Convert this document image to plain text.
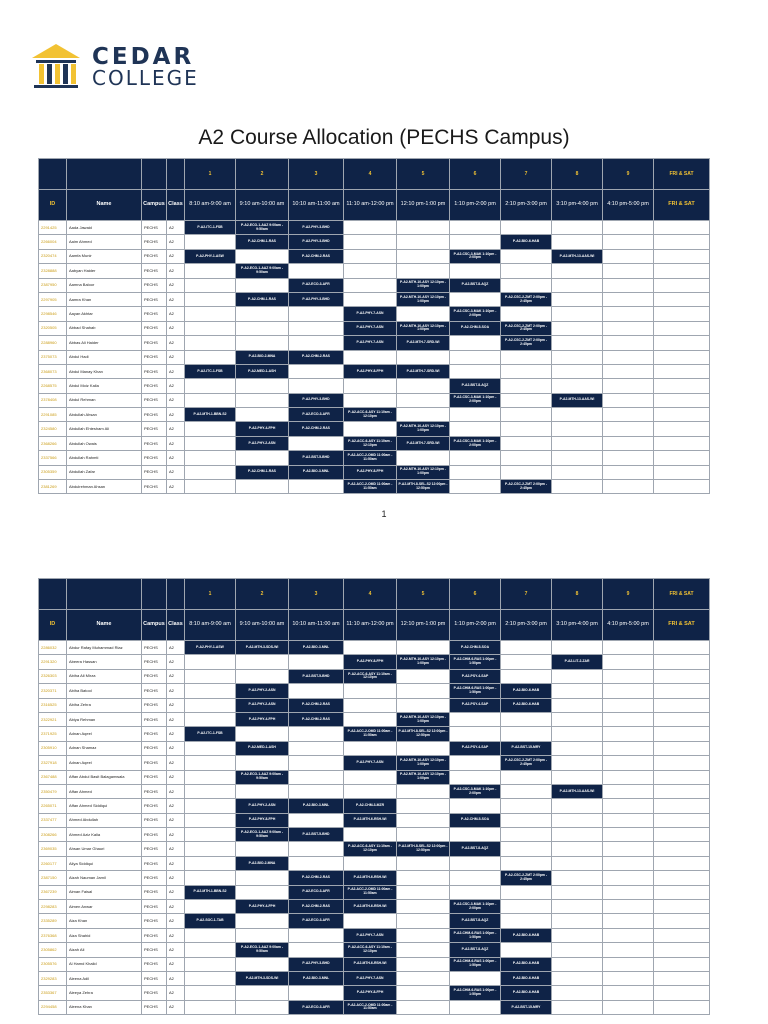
CEDAR
COLLEGE
A2 Course Allocation (PECHS Campus)
				1	2	3	4	5	6	7	8	9	FRI & SAT
ID	Name	Campus	Class	8:10 am-9:00 am	9:10 am-10:00 am	10:10 am-11:00 am	11:10 am-12:00 pm	12:10 pm-1:00 pm	1:10 pm-2:00 pm	2:10 pm-3:00 pm	3:10 pm-4:00 pm	4:10 pm-5:00 pm	FRI & SAT
2291425	Aada Jawaid	PECHS	A2	P-A2-ITC-1-FSB	P-A2-ECO-1-AAZ 9:00am - 9:50am	P-A2-PHY-3-BHD							
2266004	Aaim Ahmed	PECHS	A2		P-A2-CHM-1-RAS	P-A2-PHY-3-BHD				P-A2-BIO-6-HAB			
2320474	Aamfa Munir	PECHS	A2	P-A2-PHY-1-ASW		P-A2-CHM-2-RAS			P-A2-CSC-3-MAK 1:10pm - 2:00pm		P-A2-MTH-13-AAS-WI		
2328888	Aabyan Haider	PECHS	A2		P-A2-ECO-1-AAZ 9:00am - 9:50am								
2387950	Aamna Baloor	PECHS	A2			P-A2-ECO-3-AFR		P-A2-MTH-10-ASY 12:10pm - 1:00pm	P-A2-BST-8-AQZ				
2297905	Aamra Khan	PECHS	A2		P-A2-CHM-1-RAS	P-A2-PHY-3-BHD		P-A2-MTH-10-ASY 12:10pm - 1:00pm		P-A2-CSC-2-ZMT 2:00pm - 2:45pm			
2298546	Aayan Akhtar	PECHS	A2				P-A2-PHY-7-ASN		P-A2-CSC-3-MAK 1:10pm - 2:00pm				
2320505	Abbad Shahab	PECHS	A2				P-A2-PHY-7-ASN	P-A2-MTH-10-ASY 12:10pm - 1:00pm	P-A2-CHM-5-SOA	P-A2-CSC-2-ZMT 2:00pm - 2:45pm			
2288960	Abbas Ali Haider	PECHS	A2				P-A2-PHY-7-ASN	P-A2-MTH-7-SRD-WI		P-A2-CSC-2-ZMT 2:00pm - 2:45pm			
2375073	Abdul Hadi	PECHS	A2		P-A2-BIO-2-MNA	P-A2-CHM-2-RAS							
2368073	Abdul Manay Khan	PECHS	A2	P-A2-ITC-1-FSB	P-A2-MED-1-ASH		P-A2-PHY-8-FPH	P-A2-MTH-7-SRD-WI					
2268575	Abdul Moiz Kalia	PECHS	A2						P-A2-BST-8-AQZ				
2378408	Abdul Rehman	PECHS	A2			P-A2-PHY-3-BHD			P-A2-CSC-3-MAK 1:10pm - 2:00pm		P-A2-MTH-13-AAS-WI		
2291085	Abdullah Ahsan	PECHS	A2	P-A2-MTH-1-BBN-S2		P-A2-ECO-3-AFR	P-A2-ACC-6-ASY 11:10am - 12:10pm						
2324580	Abdullah Ehtesham Ali	PECHS	A2		P-A2-PHY-4-FPH	P-A2-CHM-2-RAS		P-A2-MTH-10-ASY 12:10pm - 1:00pm					
2368266	Abdullah Owais	PECHS	A2		P-A2-PHY-2-ASN		P-A2-ACC-6-ASY 11:10am - 12:10pm	P-A2-MTH-7-SRD-WI	P-A2-CSC-3-MAK 1:10pm - 2:00pm				
2337566	Abdullah Rahmti	PECHS	A2			P-A2-BST-5-BHD	P-A2-ACC-2-OMD 11:00am - 11:50am						
2305359	Abdullah Zafar	PECHS	A2		P-A2-CHM-1-RAS	P-A2-BIO-3-MNL	P-A2-PHY-8-FPH	P-A2-MTH-10-ASY 12:10pm - 1:00pm					
2381269	Abdulrehman Ahsan	PECHS	A2				P-A2-ACC-2-OMD 11:00am - 11:50am	P-A2-MTH-8-SEL-S2 12:00pm - 12:50pm		P-A2-CSC-2-ZMT 2:00pm - 2:45pm			
				1	2	3	4	5	6	7	8	9	FRI & SAT
ID	Name	Campus	Class	8:10 am-9:00 am	9:10 am-10:00 am	10:10 am-11:00 am	11:10 am-12:00 pm	12:10 pm-1:00 pm	1:10 pm-2:00 pm	2:10 pm-3:00 pm	3:10 pm-4:00 pm	4:10 pm-5:00 pm	FRI & SAT
2286032	Abdur Rafay Muhammad Riaz	PECHS	A2	P-A2-PHY-1-ASW	P-A2-MTH-3-SDS-WI	P-A2-BIO-3-MNL			P-A2-CHM-5-SOA				
2291320	Abeera Hassan	PECHS	A2				P-A2-PHY-8-FPH	P-A2-MTH-10-ASY 12:10pm - 1:00pm	P-A2-CHM-6-RAS 1:00pm - 1:50pm		P-A2-LIT-2-ZAR		
2326303	Abiha Ali Mirza	PECHS	A2			P-A2-BST-5-BHD	P-A2-ACC-6-ASY 11:10am - 12:10pm		P-A2-PSY-4-SAP				
2320371	Abiha Batool	PECHS	A2		P-A2-PHY-2-ASN				P-A2-CHM-6-RAS 1:00pm - 1:50pm	P-A2-BIO-6-HAB			
2316525	Abiha Zehra	PECHS	A2		P-A2-PHY-2-ASN	P-A2-CHM-2-RAS			P-A2-PSY-4-SAP	P-A2-BIO-6-HAB			
2322921	Abiya Rehman	PECHS	A2		P-A2-PHY-4-FPH	P-A2-CHM-2-RAS		P-A2-MTH-10-ASY 12:10pm - 1:00pm					
2371925	Adnan Aqeel	PECHS	A2	P-A2-ITC-1-FSB			P-A2-ACC-2-OMD 11:00am - 11:50am	P-A2-MTH-8-SEL-S2 12:00pm - 12:50pm					
2305910	Adnan Shamaz	PECHS	A2		P-A2-MED-1-ASH				P-A2-PSY-4-SAP	P-A2-BST-15-MRY			
2327918	Adnan Aqeel	PECHS	A2				P-A2-PHY-7-ASN	P-A2-MTH-10-ASY 12:10pm - 1:00pm		P-A2-CSC-2-ZMT 2:00pm - 2:45pm			
2367488	Affan Abdul Basit Balagamwala	PECHS	A2		P-A2-ECO-1-AAZ 9:00am - 9:50am			P-A2-MTH-10-ASY 12:10pm - 1:00pm					
2350479	Affan Ahmed	PECHS	A2						P-A2-CSC-3-MAK 1:10pm - 2:00pm		P-A2-MTH-13-AAS-WI		
2265071	Affan Ahmed Siddiqui	PECHS	A2		P-A2-PHY-2-ASN	P-A2-BIO-3-MNL	P-A2-CHM-3-MZR						
2337477	Ahmed Abdullah	PECHS	A2		P-A2-PHY-8-FPH		P-A2-MTH-6-RSH-WI		P-A2-CHM-5-SOA				
2308266	Ahmed Aziz Kalia	PECHS	A2		P-A2-ECO-1-AAZ 9:00am - 9:50am	P-A2-BST-5-BHD							
2369035	Ahsan Umar Ghauri	PECHS	A2				P-A2-ACC-6-ASY 11:10am - 12:10pm	P-A2-MTH-8-SEL-S2 12:00pm - 12:50pm	P-A2-BST-8-AQZ				
2260177	Ailya Siddiqui	PECHS	A2		P-A2-BIO-2-MNA								
2387150	Aizah Nauman Jamil	PECHS	A2			P-A2-CHM-2-RAS	P-A2-MTH-6-RSH-WI			P-A2-CSC-2-ZMT 2:00pm - 2:45pm			
2367239	Aiman Faisal	PECHS	A2	P-A2-MTH-1-BBN-S2		P-A2-ECO-3-AFR	P-A2-ACC-2-OMD 11:00am - 11:50am						
2298283	Aimen Anwar	PECHS	A2		P-A2-PHY-4-FPH	P-A2-CHM-2-RAS	P-A2-MTH-6-RSH-WI		P-A2-CSC-3-MAK 1:10pm - 2:00pm				
2335289	Aiza Khan	PECHS	A2	P-A2-SOC-1-TAB		P-A2-ECO-3-AFR			P-A2-BST-8-AQZ				
2376368	Aiza Shahid	PECHS	A2				P-A2-PHY-7-ASN		P-A2-CHM-6-RAS 1:00pm - 1:50pm	P-A2-BIO-6-HAB			
2305862	Aizah Ali	PECHS	A2		P-A2-ECO-1-AAZ 9:00am - 9:50am		P-A2-ACC-6-ASY 11:10am - 12:10pm		P-A2-BST-8-AQZ				
2305576	Al Hamd Khalid	PECHS	A2			P-A2-PHY-3-BHD	P-A2-MTH-6-RSH-WI		P-A2-CHM-6-RAS 1:00pm - 1:50pm	P-A2-BIO-6-HAB			
2329283	Aleena Adil	PECHS	A2		P-A2-MTH-3-SDS-WI	P-A2-BIO-3-MNL	P-A2-PHY-7-ASN			P-A2-BIO-6-HAB			
2353367	Aleeya Zehra	PECHS	A2				P-A2-PHY-8-FPH		P-A2-CHM-6-RAS 1:00pm - 1:50pm	P-A2-BIO-6-HAB			
2294458	Aleena Khan	PECHS	A2			P-A2-ECO-3-AFR	P-A2-ACC-2-OMD 11:00am - 11:50am			P-A2-BST-15-MRY			
1
